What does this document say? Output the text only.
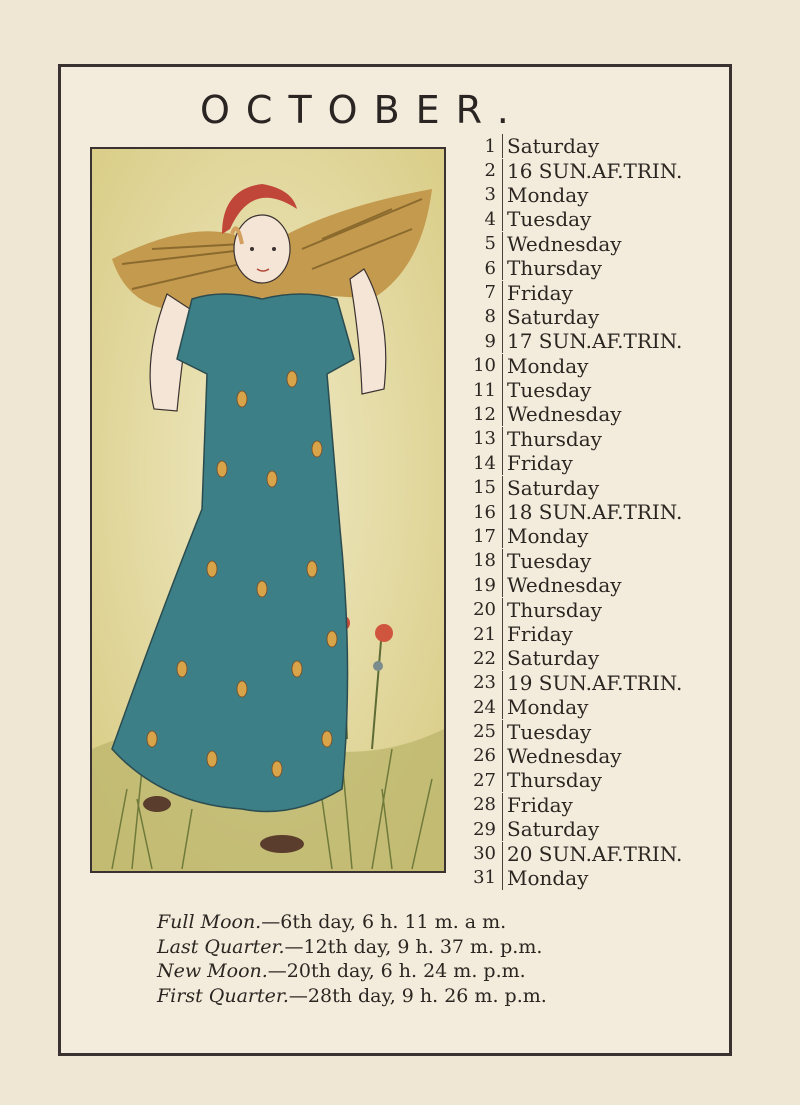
OCTOBER.
1 Saturday
2 16 SUN.AF.TRIN.
3 Monday
4 Tuesday
5 Wednesday
6 Thursday
7 Friday
8 Saturday
9 17 SUN.AF.TRIN.
10 Monday
11 Tuesday
12 Wednesday
13 Thursday
14 Friday
15 Saturday
16 18 SUN.AF.TRIN.
17 Monday
18 Tuesday
19 Wednesday
20 Thursday
21 Friday
22 Saturday
23 19 SUN.AF.TRIN.
24 Monday
25 Tuesday
26 Wednesday
27 Thursday
28 Friday
29 Saturday
30 20 SUN.AF.TRIN.
31 Monday
Full Moon.—6th day, 6 h. 11 m. a m.
Last Quarter.—12th day, 9 h. 37 m. p.m.
New Moon.—20th day, 6 h. 24 m. p.m.
First Quarter.—28th day, 9 h. 26 m. p.m.
